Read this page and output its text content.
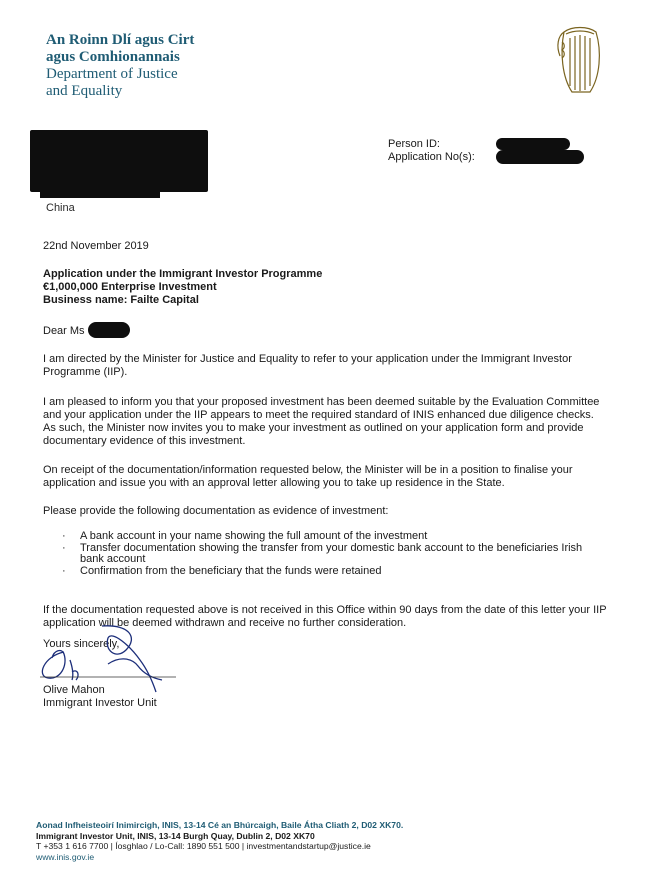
An Roinn Dlí agus Cirt
agus Comhionannais
Department of Justice
and Equality
China
Person ID:
Application No(s):
22nd November 2019
Application under the Immigrant Investor Programme
€1,000,000 Enterprise Investment
Business name: Failte Capital
Dear Ms

I am directed by the Minister for Justice and Equality to refer to your application under the Immigrant Investor Programme (IIP).

I am pleased to inform you that your proposed investment has been deemed suitable by the Evaluation Committee and your application under the IIP appears to meet the required standard of INIS enhanced due diligence checks. As such, the Minister now invites you to make your investment as outlined on your application form and provide documentary evidence of this investment.

On receipt of the documentation/information requested below, the Minister will be in a position to finalise your application and issue you with an approval letter allowing you to take up residence in the State.

Please provide the following documentation as evidence of investment:

·	A bank account in your name showing the full amount of the investment
·	Transfer documentation showing the transfer from your domestic bank account to the beneficiaries Irish bank account
·	Confirmation from the beneficiary that the funds were retained

If the documentation requested above is not received in this Office within 90 days from the date of this letter your IIP application will be deemed withdrawn and receive no further consideration.

Yours sincerely,
Olive Mahon
Immigrant Investor Unit
Aonad Infheisteoirí Inimircigh, INIS, 13-14 Cé an Bhúrcaigh, Baile Átha Cliath 2, D02 XK70.
Immigrant Investor Unit, INIS, 13-14 Burgh Quay, Dublin 2, D02 XK70
T +353 1 616 7700 | Íosghlao / Lo-Call: 1890 551 500 | investmentandstartup@justice.ie
www.inis.gov.ie
